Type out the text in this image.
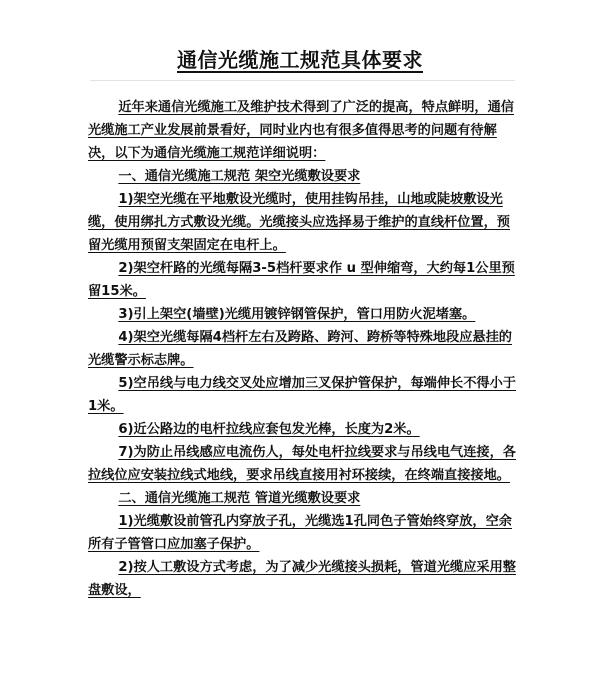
通信光缆施工规范具体要求

近年来通信光缆施工及维护技术得到了广泛的提高，特点鲜明，通信光缆施工产业发展前景看好，同时业内也有很多值得思考的问题有待解决，以下为通信光缆施工规范详细说明：

一、通信光缆施工规范 架空光缆敷设要求

1)架空光缆在平地敷设光缆时，使用挂钩吊挂，山地或陡坡敷设光缆，使用绑扎方式敷设光缆。光缆接头应选择易于维护的直线杆位置，预留光缆用预留支架固定在电杆上。

2)架空杆路的光缆每隔3-5档杆要求作 u 型伸缩弯，大约每1公里预留15米。

3)引上架空(墙壁)光缆用镀锌钢管保护，管口用防火泥堵塞。

4)架空光缆每隔4档杆左右及跨路、跨河、跨桥等特殊地段应悬挂的光缆警示标志牌。

5)空吊线与电力线交叉处应增加三叉保护管保护，每端伸长不得小于1米。

6)近公路边的电杆拉线应套包发光棒，长度为2米。

7)为防止吊线感应电流伤人，每处电杆拉线要求与吊线电气连接，各拉线位应安装拉线式地线，要求吊线直接用衬环接续，在终端直接接地。

二、通信光缆施工规范 管道光缆敷设要求

1)光缆敷设前管孔内穿放子孔，光缆选1孔同色子管始终穿放，空余所有子管管口应加塞子保护。

2)按人工敷设方式考虑，为了减少光缆接头损耗，管道光缆应采用整盘敷设，
